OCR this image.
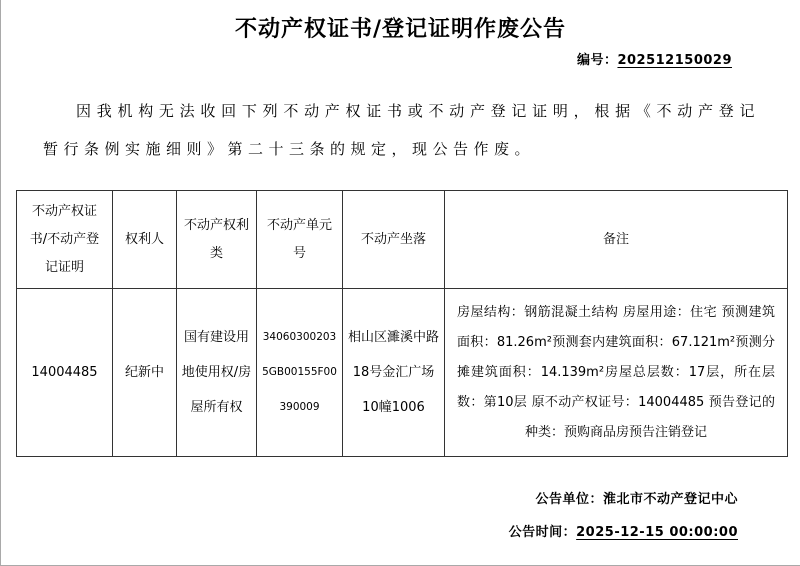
不动产权证书/登记证明作废公告
编号：202512150029

因我机构无法收回下列不动产权证书或不动产登记证明，根据《不动产登记暂行条例实施细则》第二十三条的规定，现公告作废。

不动产权证书/不动产登记证明	权利人	不动产权利类	不动产单元号	不动产坐落	备注
14004485	纪新中	国有建设用地使用权/房屋所有权	340603002035GB00155F00390009	相山区濉溪中路18号金汇广场10幢1006	房屋结构：钢筋混凝土结构 房屋用途：住宅 预测建筑面积：81.26m²预测套内建筑面积：67.121m²预测分摊建筑面积：14.139m²房屋总层数：17层，所在层数：第10层 原不动产权证号：14004485 预告登记的种类：预购商品房预告注销登记
公告单位：淮北市不动产登记中心
公告时间：2025-12-15 00:00:00
